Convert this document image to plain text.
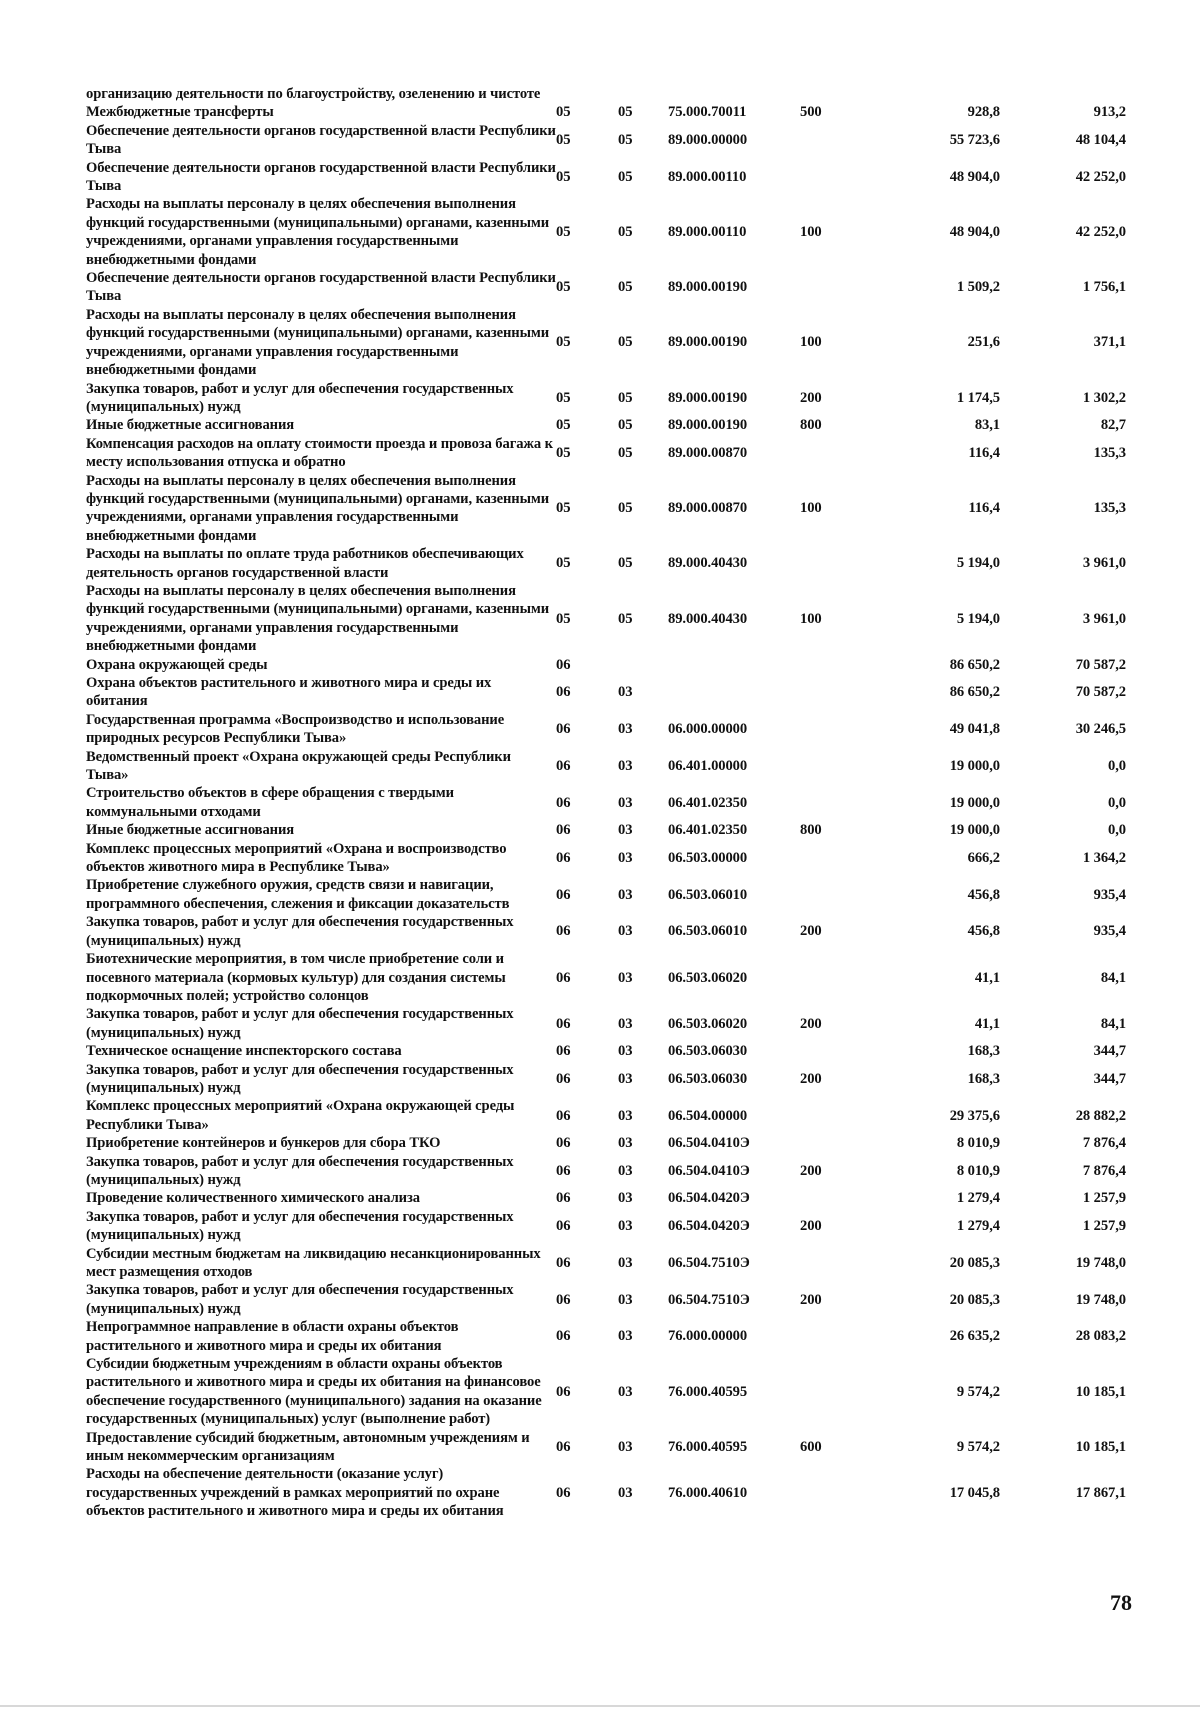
организацию деятельности по благоустройству, озеленению и чистоте						
Межбюджетные трансферты	05	05	75.000.70011	500	928,8	913,2
Обеспечение деятельности органов государственной власти Республики Тыва	05	05	89.000.00000		55 723,6	48 104,4
Обеспечение деятельности органов государственной власти Республики Тыва	05	05	89.000.00110		48 904,0	42 252,0
Расходы на выплаты персоналу в целях обеспечения выполнения функций государственными (муниципальными) органами, казенными учреждениями, органами управления государственными внебюджетными фондами	05	05	89.000.00110	100	48 904,0	42 252,0
Обеспечение деятельности органов государственной власти Республики Тыва	05	05	89.000.00190		1 509,2	1 756,1
Расходы на выплаты персоналу в целях обеспечения выполнения функций государственными (муниципальными) органами, казенными учреждениями, органами управления государственными внебюджетными фондами	05	05	89.000.00190	100	251,6	371,1
Закупка товаров, работ и услуг для обеспечения государственных (муниципальных) нужд	05	05	89.000.00190	200	1 174,5	1 302,2
Иные бюджетные ассигнования	05	05	89.000.00190	800	83,1	82,7
Компенсация расходов на оплату стоимости проезда и провоза багажа к месту использования отпуска и обратно	05	05	89.000.00870		116,4	135,3
Расходы на выплаты персоналу в целях обеспечения выполнения функций государственными (муниципальными) органами, казенными учреждениями, органами управления государственными внебюджетными фондами	05	05	89.000.00870	100	116,4	135,3
Расходы на выплаты по оплате труда работников обеспечивающих деятельность органов государственной власти	05	05	89.000.40430		5 194,0	3 961,0
Расходы на выплаты персоналу в целях обеспечения выполнения функций государственными (муниципальными) органами, казенными учреждениями, органами управления государственными внебюджетными фондами	05	05	89.000.40430	100	5 194,0	3 961,0
Охрана окружающей среды	06				86 650,2	70 587,2
Охрана объектов растительного и животного мира и среды их обитания	06	03			86 650,2	70 587,2
Государственная программа «Воспроизводство и использование природных ресурсов Республики Тыва»	06	03	06.000.00000		49 041,8	30 246,5
Ведомственный проект «Охрана окружающей среды Республики Тыва»	06	03	06.401.00000		19 000,0	0,0
Строительство объектов в сфере обращения с твердыми коммунальными отходами	06	03	06.401.02350		19 000,0	0,0
Иные бюджетные ассигнования	06	03	06.401.02350	800	19 000,0	0,0
Комплекс процессных мероприятий «Охрана и воспроизводство объектов животного мира в Республике Тыва»	06	03	06.503.00000		666,2	1 364,2
Приобретение служебного оружия, средств связи и навигации, программного обеспечения, слежения и фиксации доказательств	06	03	06.503.06010		456,8	935,4
Закупка товаров, работ и услуг для обеспечения государственных (муниципальных) нужд	06	03	06.503.06010	200	456,8	935,4
Биотехнические мероприятия, в том числе приобретение соли и посевного материала (кормовых культур) для создания системы подкормочных полей; устройство солонцов	06	03	06.503.06020		41,1	84,1
Закупка товаров, работ и услуг для обеспечения государственных (муниципальных) нужд	06	03	06.503.06020	200	41,1	84,1
Техническое оснащение инспекторского состава	06	03	06.503.06030		168,3	344,7
Закупка товаров, работ и услуг для обеспечения государственных (муниципальных) нужд	06	03	06.503.06030	200	168,3	344,7
Комплекс процессных мероприятий «Охрана окружающей среды Республики Тыва»	06	03	06.504.00000		29 375,6	28 882,2
Приобретение контейнеров и бункеров для сбора ТКО	06	03	06.504.0410Э		8 010,9	7 876,4
Закупка товаров, работ и услуг для обеспечения государственных (муниципальных) нужд	06	03	06.504.0410Э	200	8 010,9	7 876,4
Проведение количественного химического анализа	06	03	06.504.0420Э		1 279,4	1 257,9
Закупка товаров, работ и услуг для обеспечения государственных (муниципальных) нужд	06	03	06.504.0420Э	200	1 279,4	1 257,9
Субсидии местным бюджетам на ликвидацию несанкционированных мест размещения отходов	06	03	06.504.7510Э		20 085,3	19 748,0
Закупка товаров, работ и услуг для обеспечения государственных (муниципальных) нужд	06	03	06.504.7510Э	200	20 085,3	19 748,0
Непрограммное направление в области охраны объектов растительного и животного мира и среды их обитания	06	03	76.000.00000		26 635,2	28 083,2
Субсидии бюджетным учреждениям в области охраны объектов растительного и животного мира и среды их обитания на финансовое обеспечение государственного (муниципального) задания на оказание государственных (муниципальных) услуг (выполнение работ)	06	03	76.000.40595		9 574,2	10 185,1
Предоставление субсидий бюджетным, автономным учреждениям и иным некоммерческим организациям	06	03	76.000.40595	600	9 574,2	10 185,1
Расходы на обеспечение деятельности (оказание услуг) государственных учреждений в рамках мероприятий по охране объектов растительного и животного мира и среды их обитания	06	03	76.000.40610		17 045,8	17 867,1
78
